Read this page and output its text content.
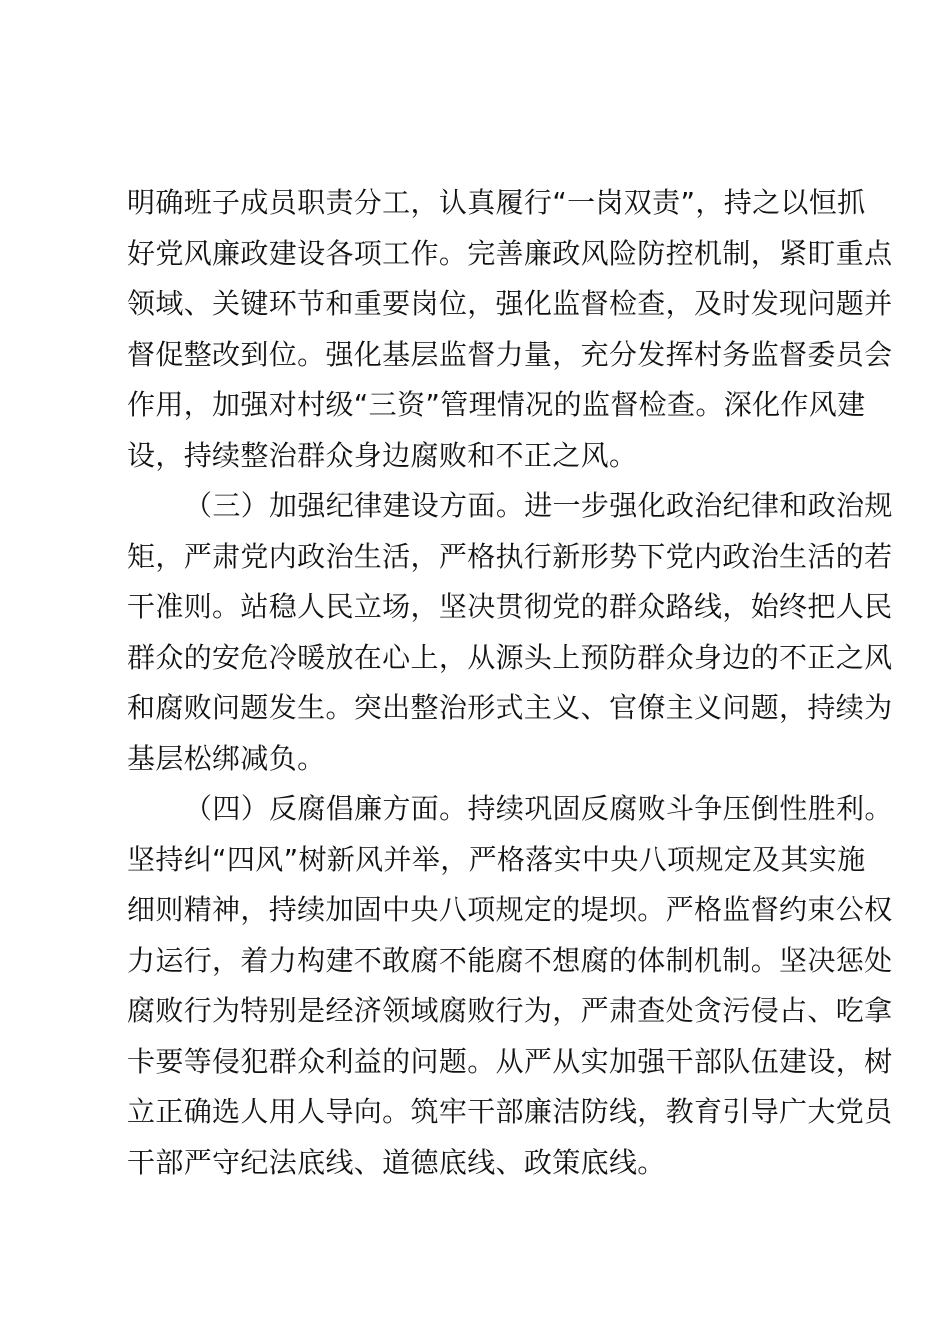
明确班子成员职责分工，认真履行“一岗双责”，持之以恒抓
好党风廉政建设各项工作。完善廉政风险防控机制，紧盯重点
领域、关键环节和重要岗位，强化监督检查，及时发现问题并
督促整改到位。强化基层监督力量，充分发挥村务监督委员会
作用，加强对村级“三资”管理情况的监督检查。深化作风建
设，持续整治群众身边腐败和不正之风。
（三）加强纪律建设方面。进一步强化政治纪律和政治规
矩，严肃党内政治生活，严格执行新形势下党内政治生活的若
干准则。站稳人民立场，坚决贯彻党的群众路线，始终把人民
群众的安危冷暖放在心上，从源头上预防群众身边的不正之风
和腐败问题发生。突出整治形式主义、官僚主义问题，持续为
基层松绑减负。
（四）反腐倡廉方面。持续巩固反腐败斗争压倒性胜利。
坚持纠“四风”树新风并举，严格落实中央八项规定及其实施
细则精神，持续加固中央八项规定的堤坝。严格监督约束公权
力运行，着力构建不敢腐不能腐不想腐的体制机制。坚决惩处
腐败行为特别是经济领域腐败行为，严肃查处贪污侵占、吃拿
卡要等侵犯群众利益的问题。从严从实加强干部队伍建设，树
立正确选人用人导向。筑牢干部廉洁防线，教育引导广大党员
干部严守纪法底线、道德底线、政策底线。
